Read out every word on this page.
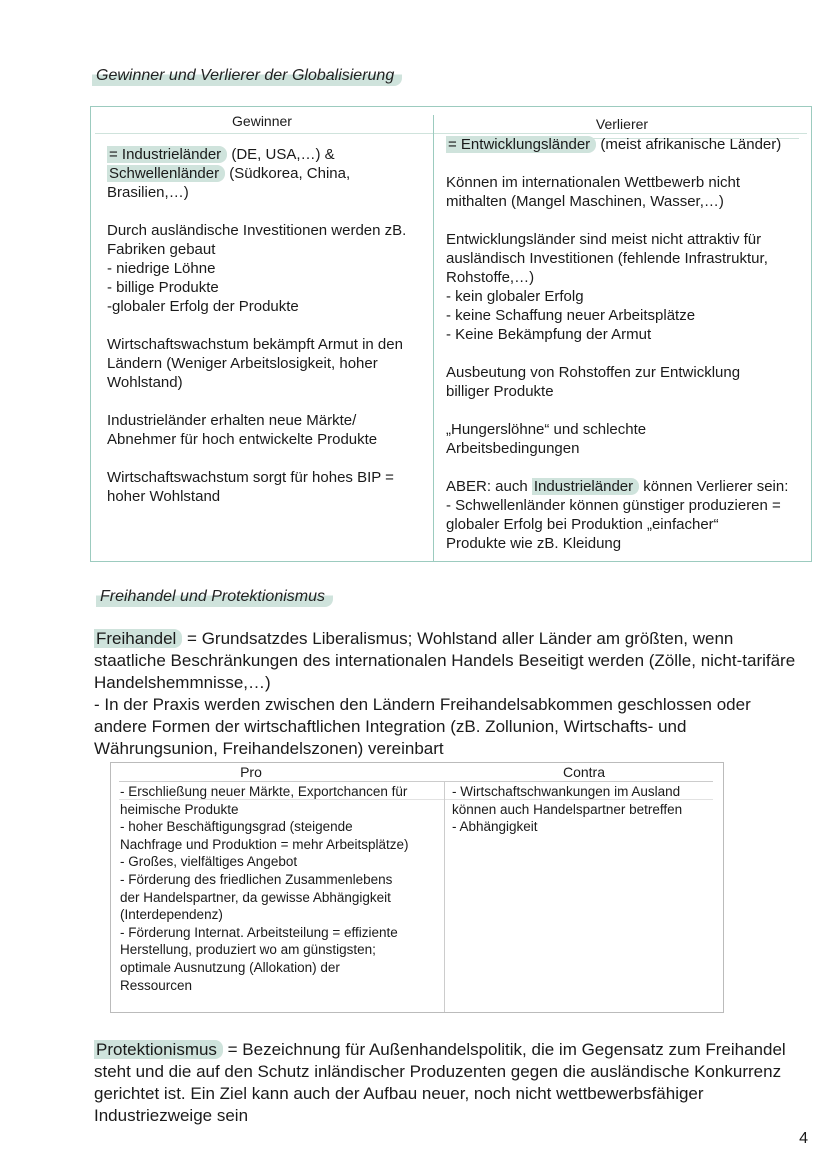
Gewinner und Verlierer der Globalisierung
Gewinner	Verlierer

= Industrieländer (DE, USA,…) &
Schwellenländer (Südkorea, China,
Brasilien,…)

Durch ausländische Investitionen werden zB.
Fabriken gebaut
- niedrige Löhne
- billige Produkte
-globaler Erfolg der Produkte

Wirtschaftswachstum bekämpft Armut in den
Ländern (Weniger Arbeitslosigkeit, hoher
Wohlstand)

Industrieländer erhalten neue Märkte/
Abnehmer für hoch entwickelte Produkte

Wirtschaftswachstum sorgt für hohes BIP =
hoher Wohlstand

= Entwicklungsländer (meist afrikanische Länder)

Können im internationalen Wettbewerb nicht
mithalten (Mangel Maschinen, Wasser,…)

Entwicklungsländer sind meist nicht attraktiv für
ausländisch Investitionen (fehlende Infrastruktur,
Rohstoffe,…)
- kein globaler Erfolg
- keine Schaffung neuer Arbeitsplätze
- Keine Bekämpfung der Armut

Ausbeutung von Rohstoffen zur Entwicklung
billiger Produkte

„Hungerslöhne“ und schlechte
Arbeitsbedingungen

ABER: auch Industrieländer können Verlierer sein:
- Schwellenländer können günstiger produzieren =
globaler Erfolg bei Produktion „einfacher“
Produkte wie zB. Kleidung

Freihandel und Protektionismus
Freihandel = Grundsatzdes Liberalismus; Wohlstand aller Länder am größten, wenn staatliche Beschränkungen des internationalen Handels Beseitigt werden (Zölle, nicht-tarifäre Handelshemmnisse,…)
- In der Praxis werden zwischen den Ländern Freihandelsabkommen geschlossen oder andere Formen der wirtschaftlichen Integration (zB. Zollunion, Wirtschafts- und Währungsunion, Freihandelszonen) vereinbart
Pro	Contra
- Erschließung neuer Märkte, Exportchancen für
heimische Produkte
- hoher Beschäftigungsgrad (steigende
Nachfrage und Produktion = mehr Arbeitsplätze)
- Großes, vielfältiges Angebot
- Förderung des friedlichen Zusammenlebens
der Handelspartner, da gewisse Abhängigkeit
(Interdependenz)
- Förderung Internat. Arbeitsteilung = effiziente
Herstellung, produziert wo am günstigsten;
optimale Ausnutzung (Allokation) der
Ressourcen
- Wirtschaftschwankungen im Ausland
können auch Handelspartner betreffen
- Abhängigkeit
Protektionismus = Bezeichnung für Außenhandelspolitik, die im Gegensatz zum Freihandel steht und die auf den Schutz inländischer Produzenten gegen die ausländische Konkurrenz gerichtet ist. Ein Ziel kann auch der Aufbau neuer, noch nicht wettbewerbsfähiger Industriezweige sein
4
